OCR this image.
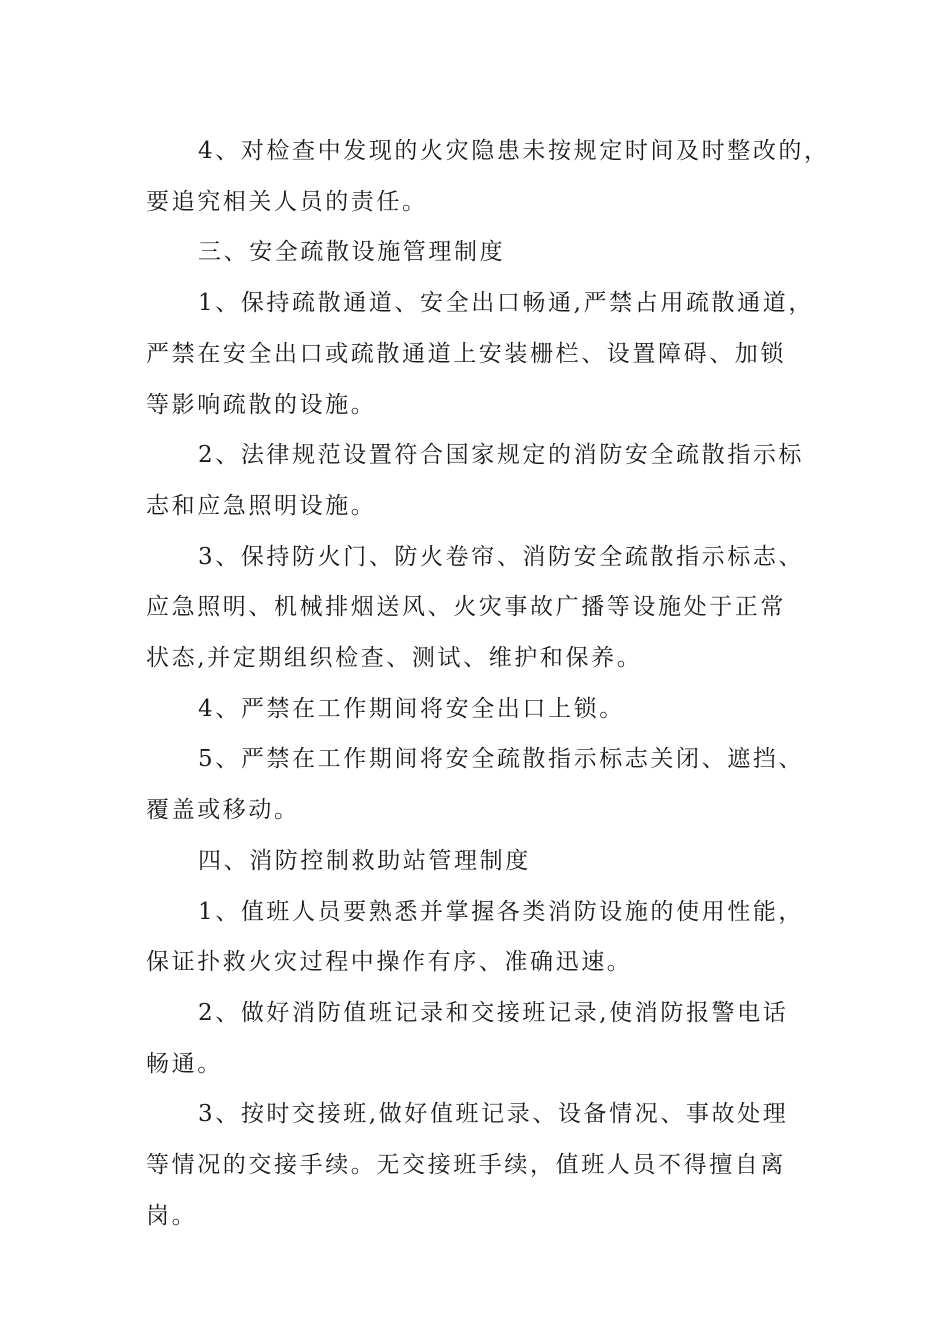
4、对检查中发现的火灾隐患未按规定时间及时整改的，
要追究相关人员的责任。
三、安全疏散设施管理制度
1、保持疏散通道、安全出口畅通,严禁占用疏散通道，
严禁在安全出口或疏散通道上安装栅栏、设置障碍、加锁
等影响疏散的设施。
2、法律规范设置符合国家规定的消防安全疏散指示标
志和应急照明设施。
3、保持防火门、防火卷帘、消防安全疏散指示标志、
应急照明、机械排烟送风、火灾事故广播等设施处于正常
状态,并定期组织检查、测试、维护和保养。
4、严禁在工作期间将安全出口上锁。
5、严禁在工作期间将安全疏散指示标志关闭、遮挡、
覆盖或移动。
四、消防控制救助站管理制度
1、值班人员要熟悉并掌握各类消防设施的使用性能，
保证扑救火灾过程中操作有序、准确迅速。
2、做好消防值班记录和交接班记录,使消防报警电话
畅通。
3、按时交接班,做好值班记录、设备情况、事故处理
等情况的交接手续。无交接班手续，值班人员不得擅自离
岗。
